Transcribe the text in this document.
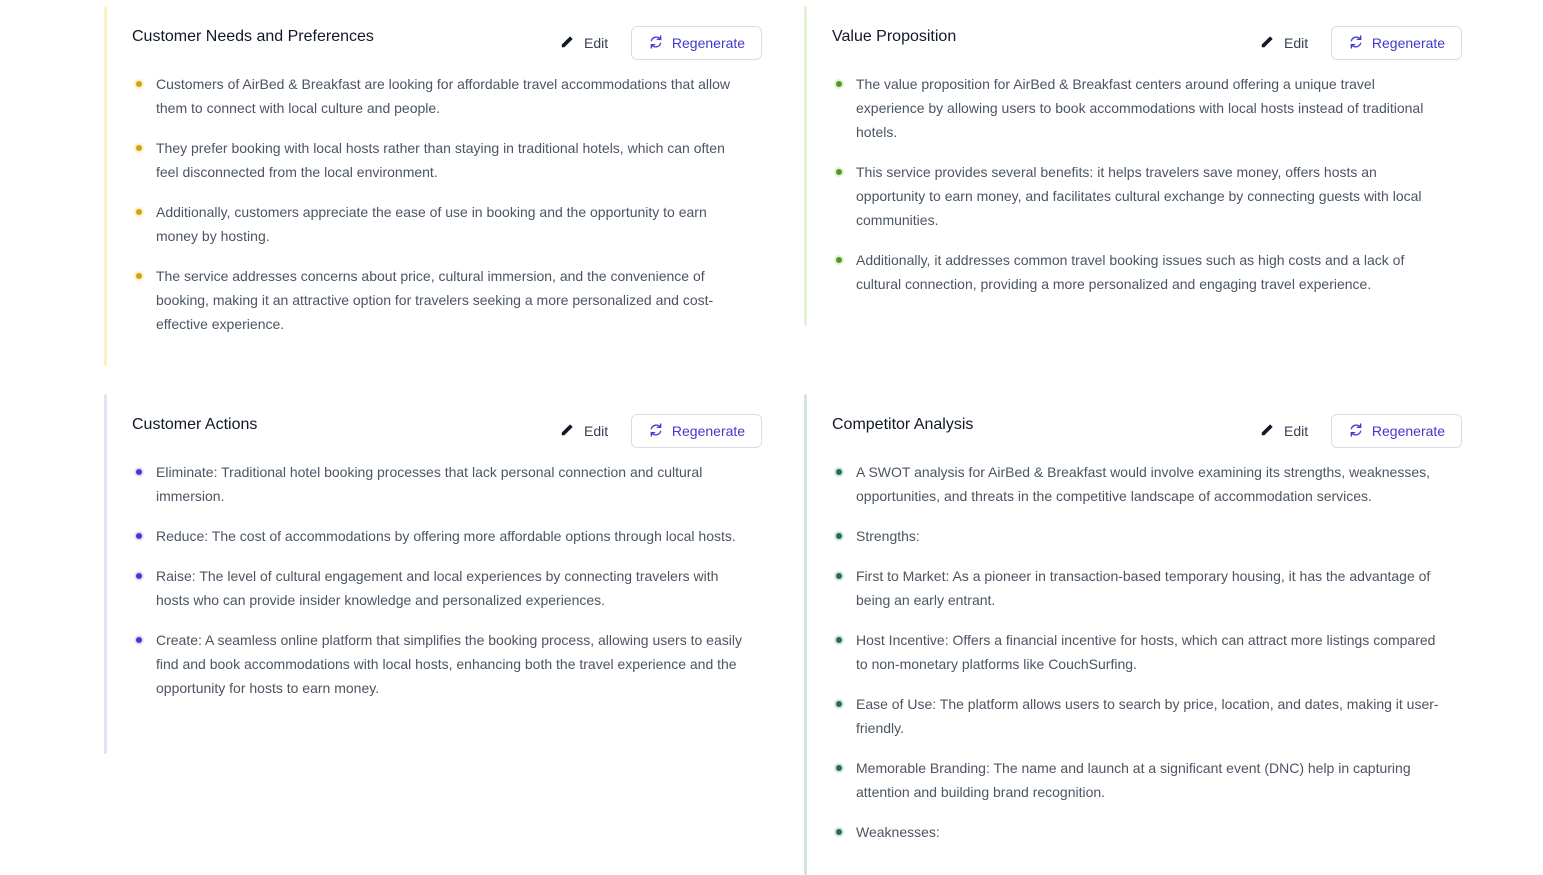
Customer Needs and Preferences	Edit	Regenerate
Customers of AirBed & Breakfast are looking for affordable travel accommodations that allow them to connect with local culture and people.
They prefer booking with local hosts rather than staying in traditional hotels, which can often feel disconnected from the local environment.
Additionally, customers appreciate the ease of use in booking and the opportunity to earn money by hosting.
The service addresses concerns about price, cultural immersion, and the convenience of booking, making it an attractive option for travelers seeking a more personalized and cost-effective experience.
Value Proposition	Edit	Regenerate
The value proposition for AirBed & Breakfast centers around offering a unique travel experience by allowing users to book accommodations with local hosts instead of traditional hotels.
This service provides several benefits: it helps travelers save money, offers hosts an opportunity to earn money, and facilitates cultural exchange by connecting guests with local communities.
Additionally, it addresses common travel booking issues such as high costs and a lack of cultural connection, providing a more personalized and engaging travel experience.
Customer Actions	Edit	Regenerate
Eliminate: Traditional hotel booking processes that lack personal connection and cultural immersion.
Reduce: The cost of accommodations by offering more affordable options through local hosts.
Raise: The level of cultural engagement and local experiences by connecting travelers with hosts who can provide insider knowledge and personalized experiences.
Create: A seamless online platform that simplifies the booking process, allowing users to easily find and book accommodations with local hosts, enhancing both the travel experience and the opportunity for hosts to earn money.
Competitor Analysis	Edit	Regenerate
A SWOT analysis for AirBed & Breakfast would involve examining its strengths, weaknesses, opportunities, and threats in the competitive landscape of accommodation services.
Strengths:
First to Market: As a pioneer in transaction-based temporary housing, it has the advantage of being an early entrant.
Host Incentive: Offers a financial incentive for hosts, which can attract more listings compared to non-monetary platforms like CouchSurfing.
Ease of Use: The platform allows users to search by price, location, and dates, making it user-friendly.
Memorable Branding: The name and launch at a significant event (DNC) help in capturing attention and building brand recognition.
Weaknesses:
